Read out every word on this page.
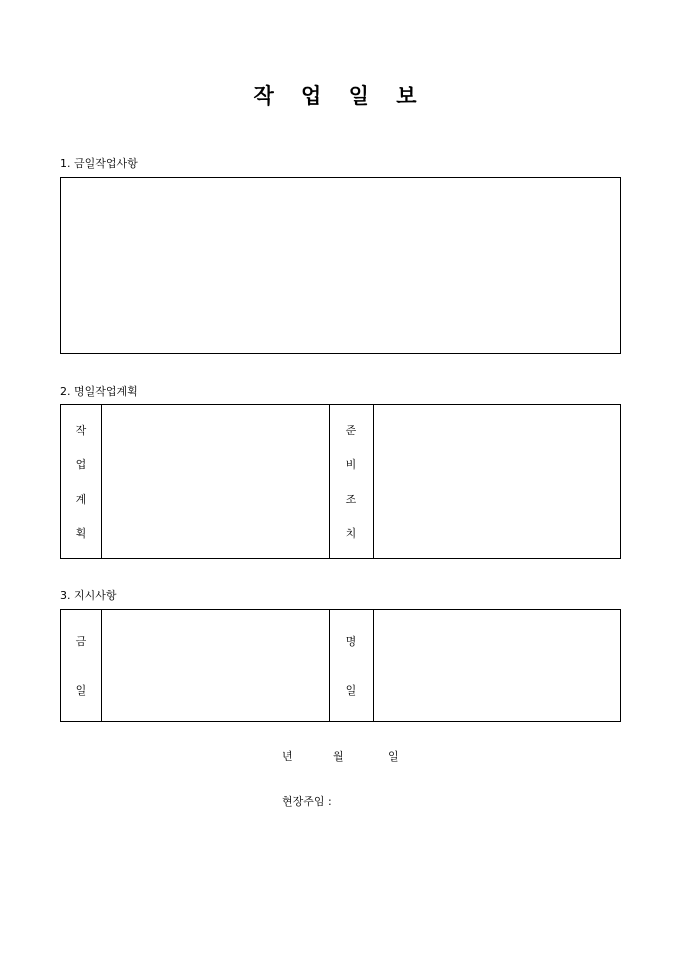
작 업 일 보
1. 금일작업사항
2. 명일작업계획
작
업
계
획
준
비
조
치
3. 지시사항
금
일
명
일
년	월	일
현장주임 :
